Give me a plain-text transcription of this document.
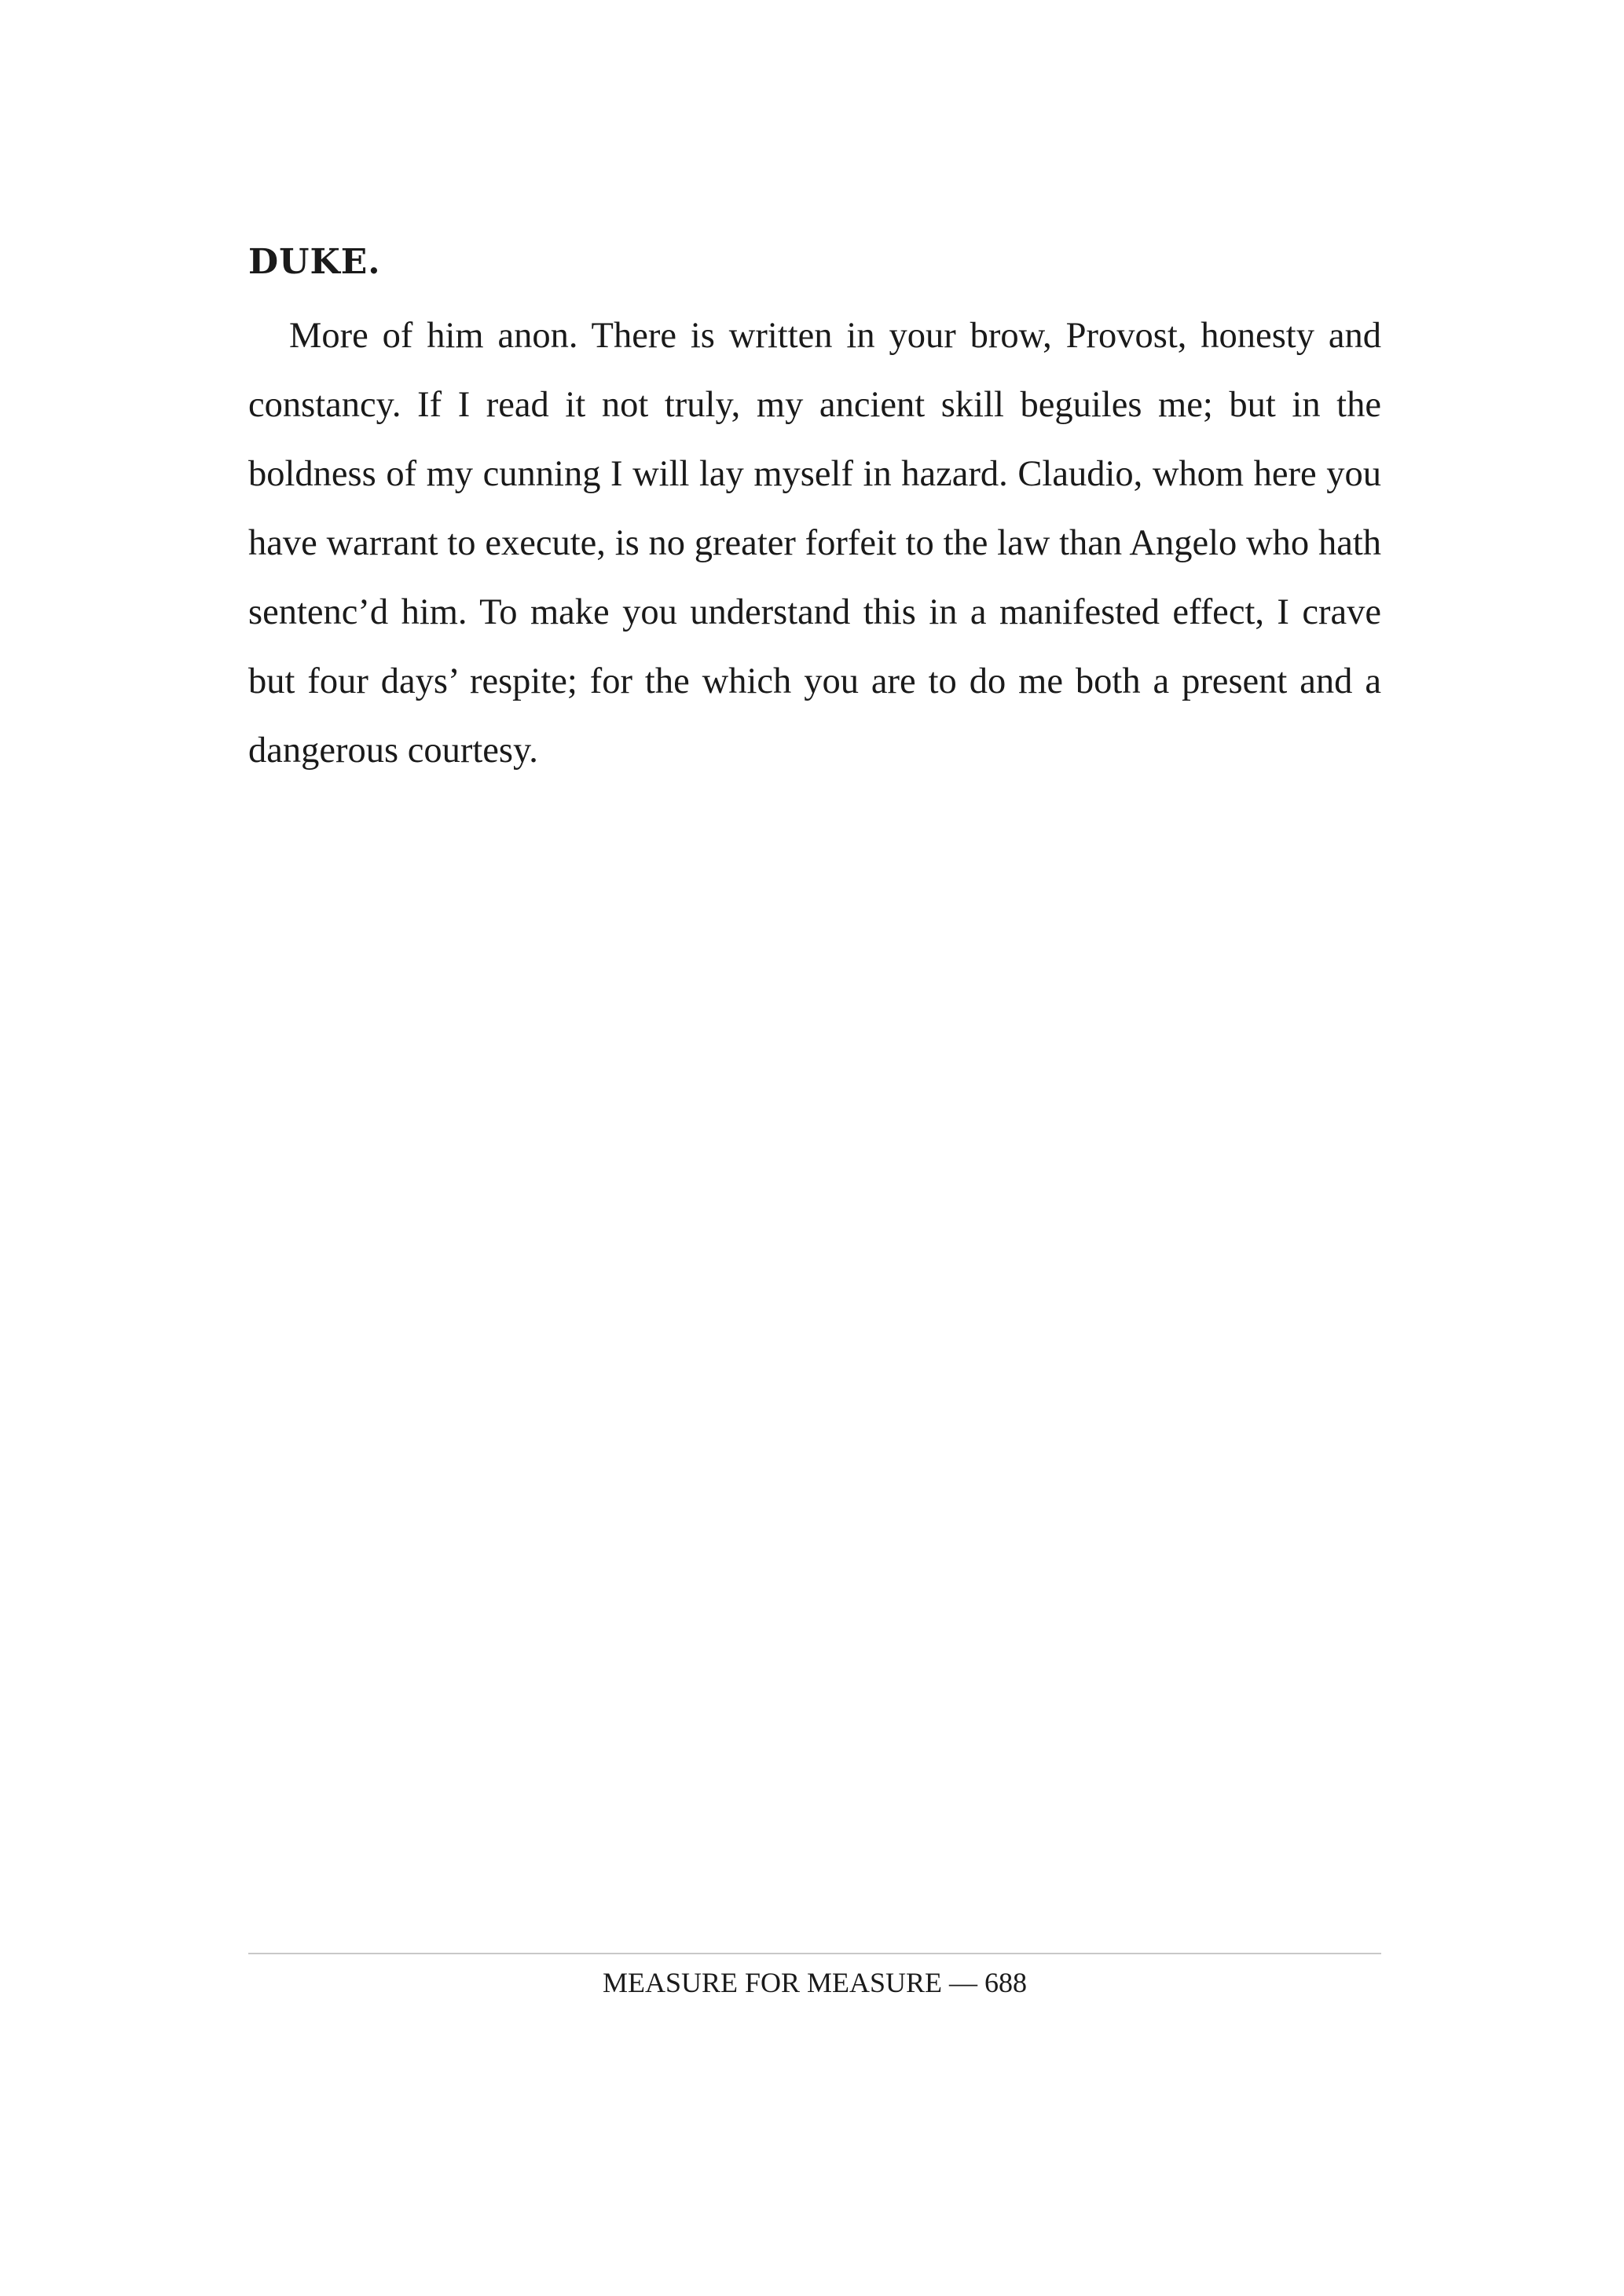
DUKE.

More of him anon. There is written in your brow, Provost, honesty and constancy. If I read it not truly, my ancient skill beguiles me; but in the boldness of my cunning I will lay myself in hazard. Claudio, whom here you have warrant to execute, is no greater forfeit to the law than Angelo who hath sentenc’d him. To make you understand this in a manifested effect, I crave but four days’ respite; for the which you are to do me both a present and a dangerous courtesy.

MEASURE FOR MEASURE — 688
